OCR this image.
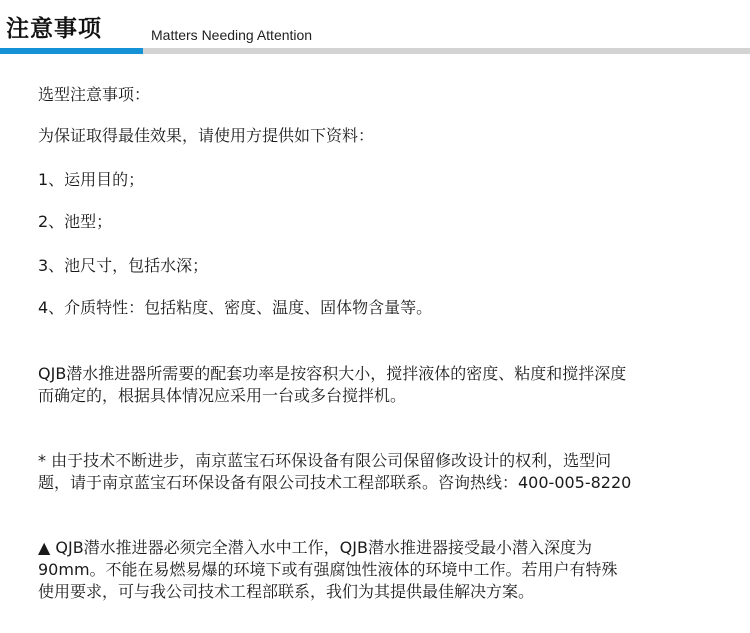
注意事项	Matters Needing Attention
选型注意事项：
为保证取得最佳效果，请使用方提供如下资料：
1、运用目的；
2、池型；
3、池尺寸，包括水深；
4、介质特性：包括粘度、密度、温度、固体物含量等。
QJB潜水推进器所需要的配套功率是按容积大小，搅拌液体的密度、粘度和搅拌深度
而确定的，根据具体情况应采用一台或多台搅拌机。
* 由于技术不断进步，南京蓝宝石环保设备有限公司保留修改设计的权利，选型问
题，请于南京蓝宝石环保设备有限公司技术工程部联系。咨询热线：400-005-8220
▲ QJB潜水推进器必须完全潜入水中工作，QJB潜水推进器接受最小潜入深度为
90mm。不能在易燃易爆的环境下或有强腐蚀性液体的环境中工作。若用户有特殊
使用要求，可与我公司技术工程部联系，我们为其提供最佳解决方案。
